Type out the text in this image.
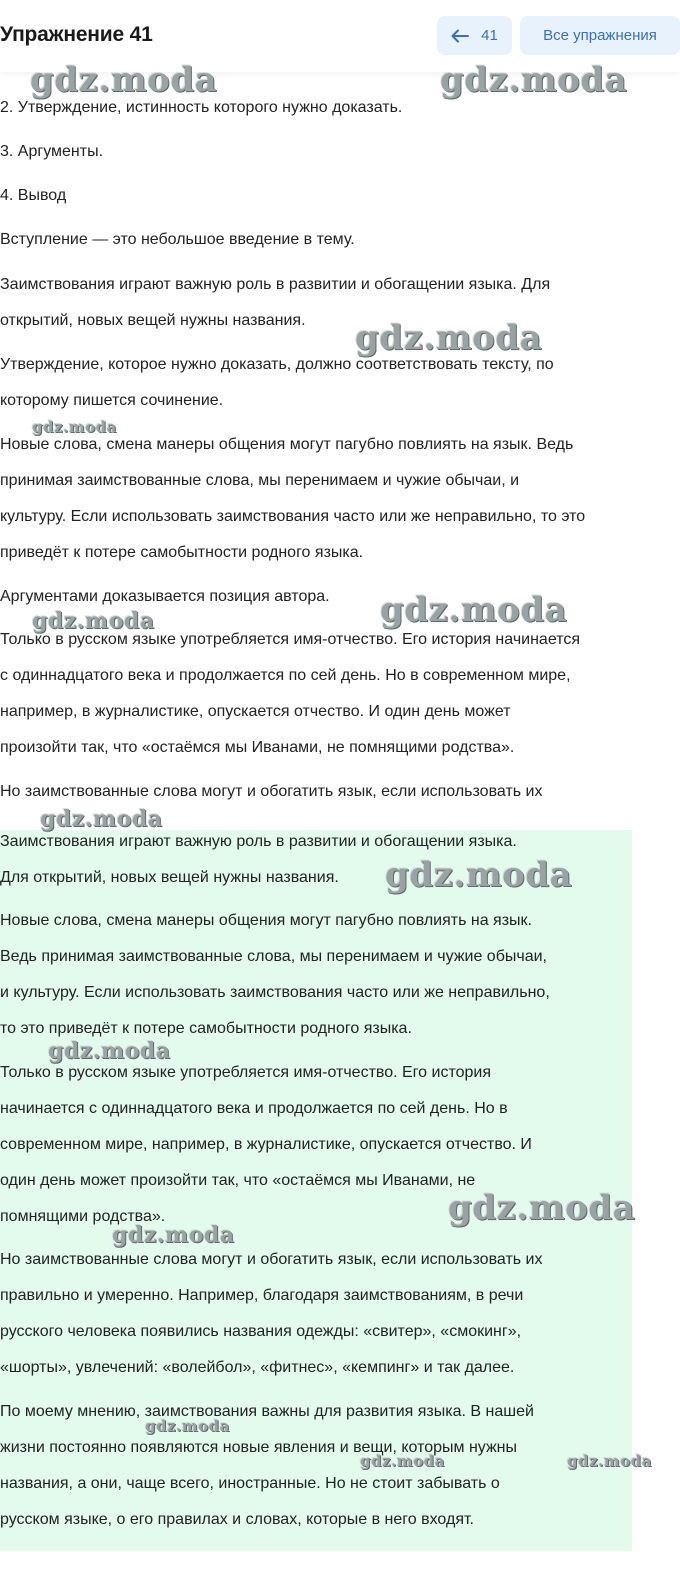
Упражнение 41	41	Все упражнения
2. Утверждение, истинность которого нужно доказать.
3. Аргументы.
4. Вывод
Вступление — это небольшое введение в тему.
Заимствования играют важную роль в развитии и обогащении языка. Для
открытий, новых вещей нужны названия.
Утверждение, которое нужно доказать, должно соответствовать тексту, по
которому пишется сочинение.
Новые слова, смена манеры общения могут пагубно повлиять на язык. Ведь
принимая заимствованные слова, мы перенимаем и чужие обычаи, и
культуру. Если использовать заимствования часто или же неправильно, то это
приведёт к потере самобытности родного языка.
Аргументами доказывается позиция автора.
Только в русском языке употребляется имя-отчество. Его история начинается
с одиннадцатого века и продолжается по сей день. Но в современном мире,
например, в журналистике, опускается отчество. И один день может
произойти так, что «остаёмся мы Иванами, не помнящими родства».
Но заимствованные слова могут и обогатить язык, если использовать их
Заимствования играют важную роль в развитии и обогащении языка.
Для открытий, новых вещей нужны названия.
Новые слова, смена манеры общения могут пагубно повлиять на язык.
Ведь принимая заимствованные слова, мы перенимаем и чужие обычаи,
и культуру. Если использовать заимствования часто или же неправильно,
то это приведёт к потере самобытности родного языка.
Только в русском языке употребляется имя-отчество. Его история
начинается с одиннадцатого века и продолжается по сей день. Но в
современном мире, например, в журналистике, опускается отчество. И
один день может произойти так, что «остаёмся мы Иванами, не
помнящими родства».
Но заимствованные слова могут и обогатить язык, если использовать их
правильно и умеренно. Например, благодаря заимствованиям, в речи
русского человека появились названия одежды: «свитер», «смокинг»,
«шорты», увлечений: «волейбол», «фитнес», «кемпинг» и так далее.
По моему мнению, заимствования важны для развития языка. В нашей
жизни постоянно появляются новые явления и вещи, которым нужны
названия, а они, чаще всего, иностранные. Но не стоит забывать о
русском языке, о его правилах и словах, которые в него входят.
gdz.moda	gdz.moda
gdz.moda
gdz.moda
gdz.moda
gdz.moda
gdz.moda
gdz.moda
gdz.moda
gdz.moda
gdz.moda
gdz.moda
gdz.moda	gdz.moda
